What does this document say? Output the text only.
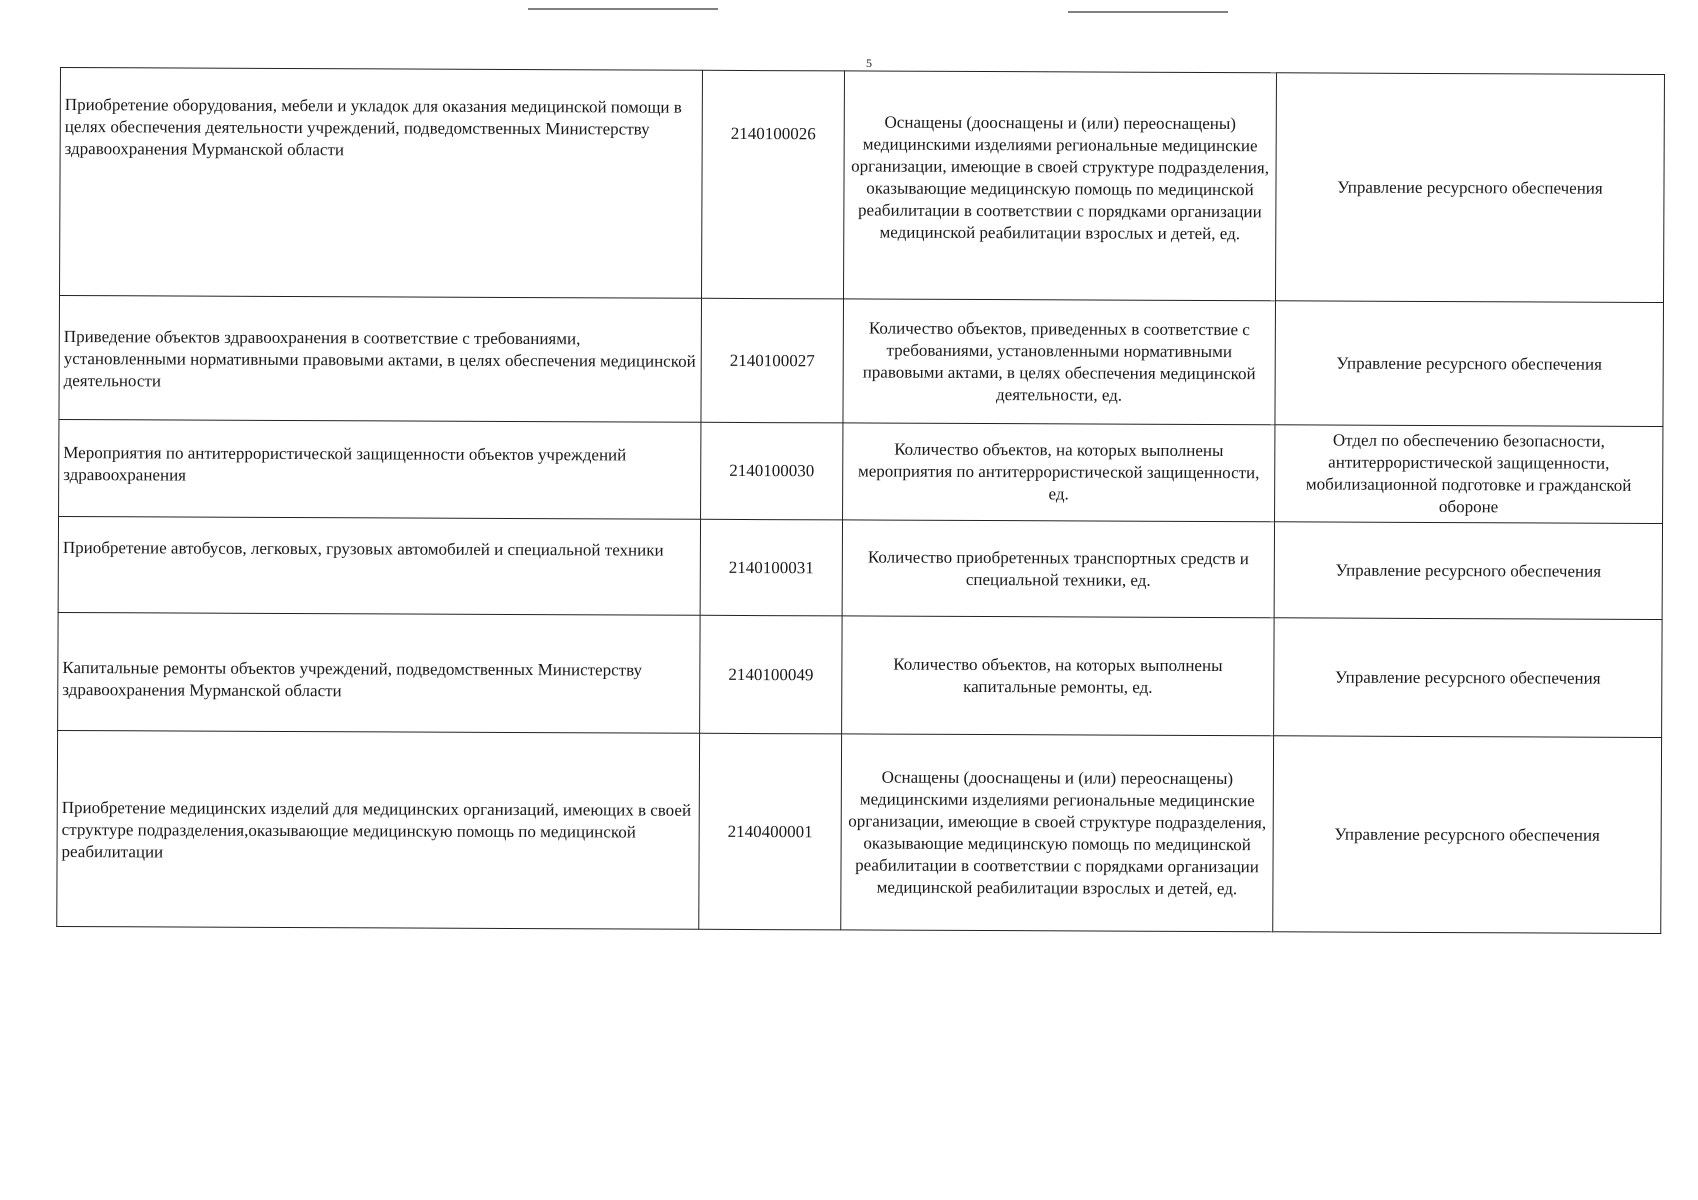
5
Приобретение оборудования, мебели и укладок для оказания медицинской помощи в целях обеспечения деятельности учреждений, подведомственных Министерству здравоохранения Мурманской области	2140100026	Оснащены (дооснащены и (или) переоснащены) медицинскими изделиями региональные медицинские организации, имеющие в своей структуре подразделения, оказывающие медицинскую помощь по медицинской реабилитации в соответствии с порядками организации медицинской реабилитации взрослых и детей, ед.	Управление ресурсного обеспечения
Приведение объектов здравоохранения в соответствие с требованиями, установленными нормативными правовыми актами, в целях обеспечения медицинской деятельности	2140100027	Количество объектов, приведенных в соответствие с требованиями, установленными нормативными правовыми актами, в целях обеспечения медицинской деятельности, ед.	Управление ресурсного обеспечения
Мероприятия по антитеррористической защищенности объектов учреждений здравоохранения	2140100030	Количество объектов, на которых выполнены мероприятия по антитеррористической защищенности, ед.	Отдел по обеспечению безопасности, антитеррористической защищенности, мобилизационной подготовке и гражданской обороне
Приобретение автобусов, легковых, грузовых автомобилей и специальной техники	2140100031	Количество приобретенных транспортных средств и специальной техники, ед.	Управление ресурсного обеспечения
Капитальные ремонты объектов учреждений, подведомственных Министерству здравоохранения Мурманской области	2140100049	Количество объектов, на которых выполнены капитальные ремонты, ед.	Управление ресурсного обеспечения
Приобретение медицинских изделий для медицинских организаций, имеющих в своей структуре подразделения,оказывающие медицинскую помощь по медицинской реабилитации	2140400001	Оснащены (дооснащены и (или) переоснащены) медицинскими изделиями региональные медицинские организации, имеющие в своей структуре подразделения, оказывающие медицинскую помощь по медицинской реабилитации в соответствии с порядками организации медицинской реабилитации взрослых и детей, ед.	Управление ресурсного обеспечения
